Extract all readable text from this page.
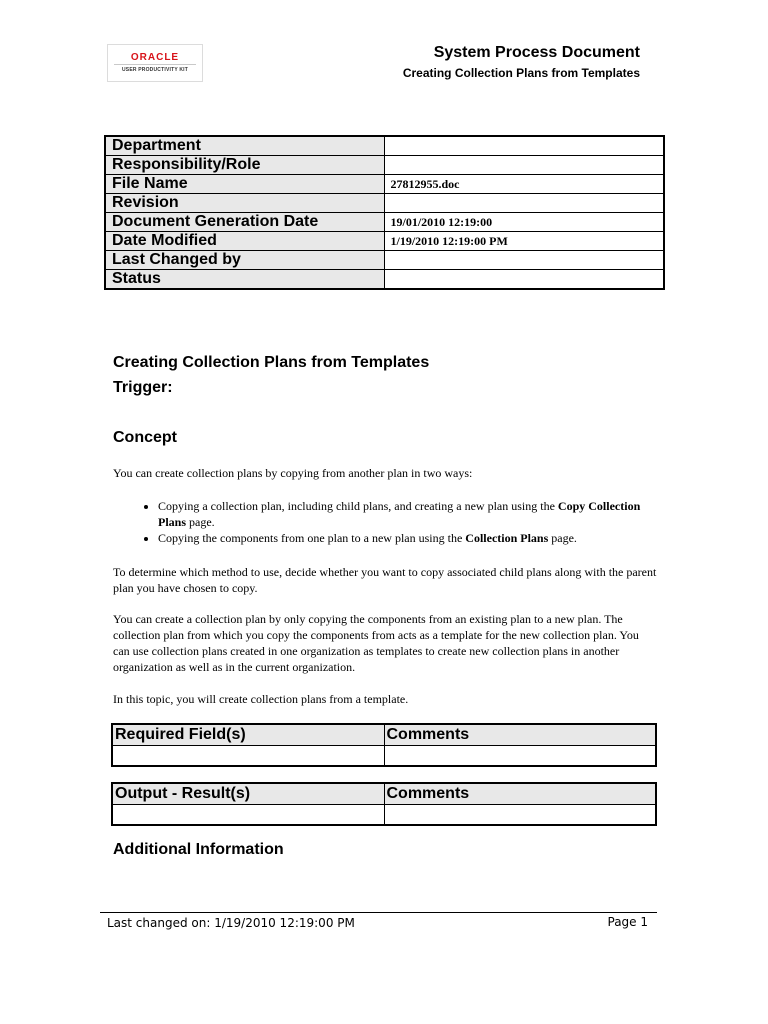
ORACLE
USER PRODUCTIVITY KIT
System Process Document
Creating Collection Plans from Templates
Department	
Responsibility/Role	
File Name	27812955.doc
Revision	
Document Generation Date	19/01/2010 12:19:00
Date Modified	1/19/2010 12:19:00 PM
Last Changed by	
Status	
Creating Collection Plans from Templates
Trigger:
Concept
You can create collection plans by copying from another plan in two ways:
• Copying a collection plan, including child plans, and creating a new plan using the Copy Collection Plans page.
• Copying the components from one plan to a new plan using the Collection Plans page.
To determine which method to use, decide whether you want to copy associated child plans along with the parent plan you have chosen to copy.
You can create a collection plan by only copying the components from an existing plan to a new plan. The collection plan from which you copy the components from acts as a template for the new collection plan. You can use collection plans created in one organization as templates to create new collection plans in another organization as well as in the current organization.
In this topic, you will create collection plans from a template.
Required Field(s)	Comments

Output - Result(s)	Comments

Additional Information
Last changed on: 1/19/2010 12:19:00 PM	Page 1
